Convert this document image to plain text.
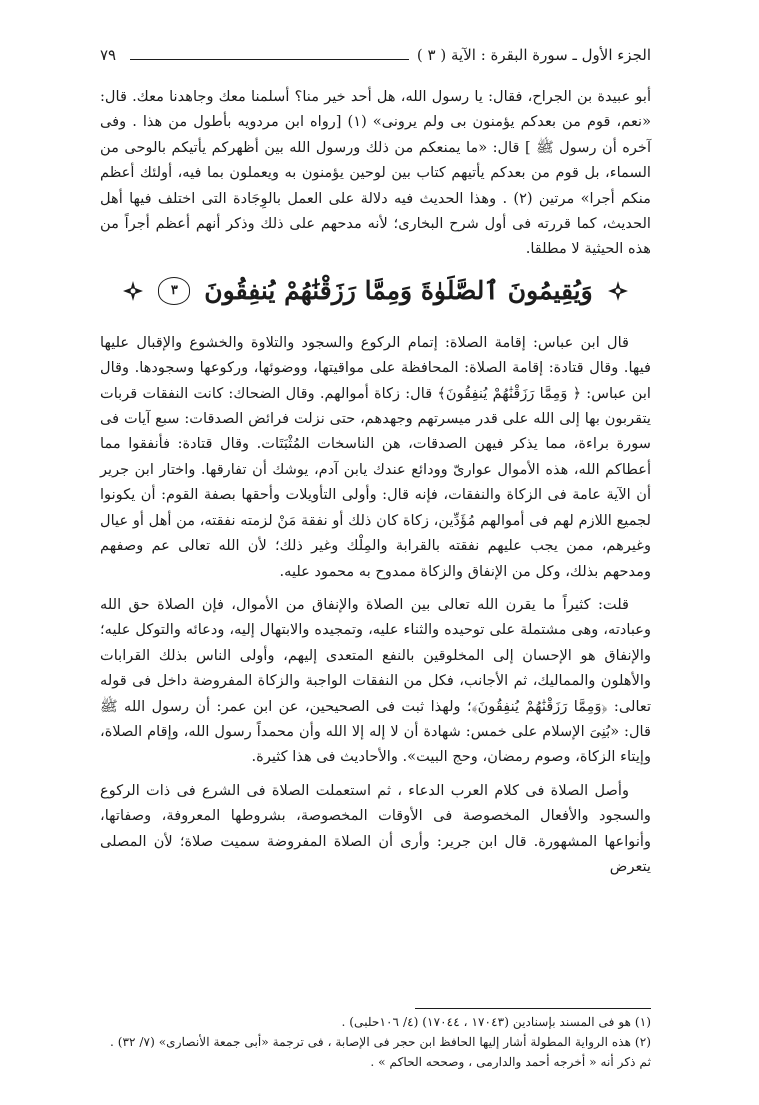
الجزء الأول ـ سورة البقرة : الآية ( ٣ )
٧٩

أبو عبيدة بن الجراح، فقال: يا رسول الله، هل أحد خير منا؟ أسلمنا معك وجاهدنا معك. قال: «نعم، قوم من بعدكم يؤمنون بى ولم يرونى» (١) [رواه ابن مردويه بأطول من هذا . وفى آخره أن رسول ﷺ ] قال: «ما يمنعكم من ذلك ورسول الله بين أظهركم يأتيكم بالوحى من السماء، بل قوم من بعدكم يأتيهم كتاب بين لوحين يؤمنون به ويعملون بما فيه، أولئك أعظم منكم أجرا» مرتين (٢) . وهذا الحديث فيه دلالة على العمل بالوِجَادة التى اختلف فيها أهل الحديث، كما قررته فى أول شرح البخارى؛ لأنه مدحهم على ذلك وذكر أنهم أعظم أجراً من هذه الحيثية لا مطلقا.

وَيُقِيمُونَ ٱلصَّلَوٰةَ وَمِمَّا رَزَقْنَٰهُمْ يُنفِقُونَ
٣

قال ابن عباس: إقامة الصلاة: إتمام الركوع والسجود والتلاوة والخشوع والإقبال عليها فيها. وقال قتادة: إقامة الصلاة: المحافظة على مواقيتها، ووضوئها، وركوعها وسجودها. وقال ابن عباس: ﴿ وَمِمَّا رَزَقْنَٰهُمْ يُنفِقُونَ﴾ قال: زكاة أموالهم. وقال الضحاك: كانت النفقات قربات يتقربون بها إلى الله على قدر ميسرتهم وجهدهم، حتى نزلت فرائض الصدقات: سبع آيات فى سورة براءة، مما يذكر فيهن الصدقات، هن الناسخات المُثْبَتَات. وقال قتادة: فأنفقوا مما أعطاكم الله، هذه الأموال عوارىّ وودائع عندك يابن آدم، يوشك أن تفارقها. واختار ابن جرير أن الآية عامة فى الزكاة والنفقات، فإنه قال: وأولى التأويلات وأحقها بصفة القوم: أن يكونوا لجميع اللازم لهم فى أموالهم مُؤَدِّين، زكاة كان ذلك أو نفقة مَنْ لزمته نفقته، من أهل أو عيال وغيرهم، ممن يجب عليهم نفقته بالقرابة والمِلْك وغير ذلك؛ لأن الله تعالى عم وصفهم ومدحهم بذلك، وكل من الإنفاق والزكاة ممدوح به محمود عليه.

قلت: كثيراً ما يقرن الله تعالى بين الصلاة والإنفاق من الأموال، فإن الصلاة حق الله وعبادته، وهى مشتملة على توحيده والثناء عليه، وتمجيده والابتهال إليه، ودعائه والتوكل عليه؛ والإنفاق هو الإحسان إلى المخلوقين بالنفع المتعدى إليهم، وأولى الناس بذلك القرابات والأهلون والمماليك، ثم الأجانب، فكل من النفقات الواجبة والزكاة المفروضة داخل فى قوله تعالى: ﴿وَمِمَّا رَزَقْنَٰهُمْ يُنفِقُونَ﴾؛ ولهذا ثبت فى الصحيحين، عن ابن عمر: أن رسول الله ﷺ قال: «بُنِىَ الإسلام على خمس: شهادة أن لا إله إلا الله وأن محمداً رسول الله، وإقام الصلاة، وإيتاء الزكاة، وصوم رمضان، وحج البيت». والأحاديث فى هذا كثيرة.

وأصل الصلاة فى كلام العرب الدعاء ، ثم استعملت الصلاة فى الشرع فى ذات الركوع والسجود والأفعال المخصوصة فى الأوقات المخصوصة، بشروطها المعروفة، وصفاتها، وأنواعها المشهورة. قال ابن جرير: وأرى أن الصلاة المفروضة سميت صلاة؛ لأن المصلى يتعرض

(١) هو فى المسند بإسنادين (١٧٠٤٣ ، ١٧٠٤٤) (٤/ ١٠٦حلبى) .

(٢) هذه الرواية المطولة أشار إليها الحافظ ابن حجر فى الإصابة ، فى ترجمة «أبى جمعة الأنصارى» (٧/ ٣٢) .

ثم ذكر أنه « أخرجه أحمد والدارمى ، وصححه الحاكم » .
